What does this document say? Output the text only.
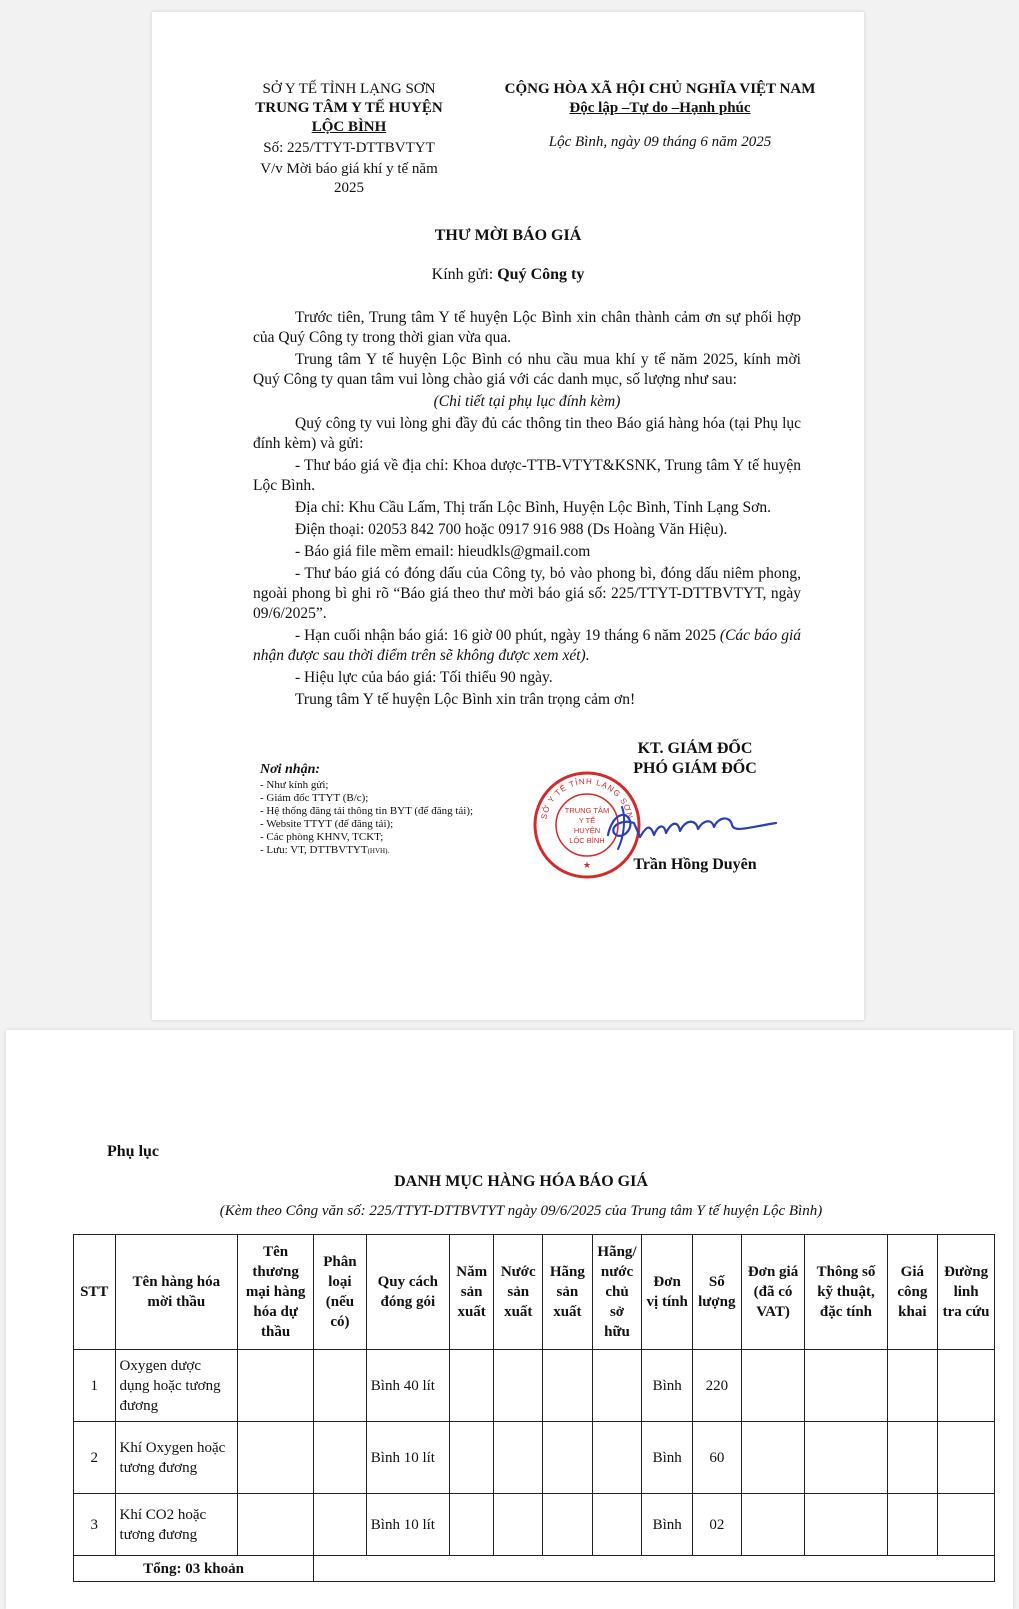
SỞ Y TẾ TỈNH LẠNG SƠN
TRUNG TÂM Y TẾ HUYỆN
LỘC BÌNH
Số: 225/TTYT-DTTBVTYT
V/v Mời báo giá khí y tế năm
2025
CỘNG HÒA XÃ HỘI CHỦ NGHĨA VIỆT NAM
Độc lập –Tự do –Hạnh phúc
Lộc Bình, ngày 09 tháng 6 năm 2025
THƯ MỜI BÁO GIÁ
Kính gửi: Quý Công ty

Trước tiên, Trung tâm Y tế huyện Lộc Bình xin chân thành cảm ơn sự phối hợp của Quý Công ty trong thời gian vừa qua.

Trung tâm Y tế huyện Lộc Bình có nhu cầu mua khí y tế năm 2025, kính mời Quý Công ty quan tâm vui lòng chào giá với các danh mục, số lượng như sau:

(Chi tiết tại phụ lục đính kèm)

Quý công ty vui lòng ghi đầy đủ các thông tin theo Báo giá hàng hóa (tại Phụ lục đính kèm) và gửi:

- Thư báo giá về địa chỉ: Khoa dược-TTB-VTYT&KSNK, Trung tâm Y tế huyện Lộc Bình.

Địa chỉ: Khu Cầu Lấm, Thị trấn Lộc Bình, Huyện Lộc Bình, Tỉnh Lạng Sơn.

Điện thoại: 02053 842 700 hoặc 0917 916 988 (Ds Hoàng Văn Hiệu).

- Báo giá file mềm email: hieudkls@gmail.com

- Thư báo giá có đóng dấu của Công ty, bỏ vào phong bì, đóng dấu niêm phong, ngoài phong bì ghi rõ “Báo giá theo thư mời báo giá số: 225/TTYT-DTTBVTYT, ngày 09/6/2025”.

- Hạn cuối nhận báo giá: 16 giờ 00 phút, ngày 19 tháng 6 năm 2025 (Các báo giá nhận được sau thời điểm trên sẽ không được xem xét).

- Hiệu lực của báo giá: Tối thiểu 90 ngày.

Trung tâm Y tế huyện Lộc Bình xin trân trọng cảm ơn!

Nơi nhận:
- Như kính gửi;
- Giám đốc TTYT (B/c);
- Hệ thống đăng tải thông tin BYT (để đăng tải);
- Website TTYT (để đăng tải);
- Các phòng KHNV, TCKT;
- Lưu: VT, DTTBVTYT(HVH).
KT. GIÁM ĐỐC
PHÓ GIÁM ĐỐC
SỞ Y TẾ TỈNH LẠNG SƠN
TRUNG TÂM
Y TẾ
HUYỆN
LỘC BÌNH
★	Trần Hồng Duyên
Phụ lục
DANH MỤC HÀNG HÓA BÁO GIÁ
(Kèm theo Công văn số: 225/TTYT-DTTBVTYT ngày 09/6/2025 của Trung tâm Y tế huyện Lộc Bình)
STT	Tên hàng hóa mời thầu	Tên thương mại hàng hóa dự thầu	Phân loại (nếu có)	Quy cách đóng gói	Năm sản xuất	Nước sản xuất	Hãng sản xuất	Hãng/ nước chủ sở hữu	Đơn vị tính	Số lượng	Đơn giá (đã có VAT)	Thông số kỹ thuật, đặc tính	Giá công khai	Đường linh tra cứu
1	Oxygen dược dụng hoặc tương đương			Bình 40 lít					Bình	220				
2	Khí Oxygen hoặc tương đương			Bình 10 lít					Bình	60				
3	Khí CO2 hoặc tương đương			Bình 10 lít					Bình	02				
Tổng: 03 khoản														
